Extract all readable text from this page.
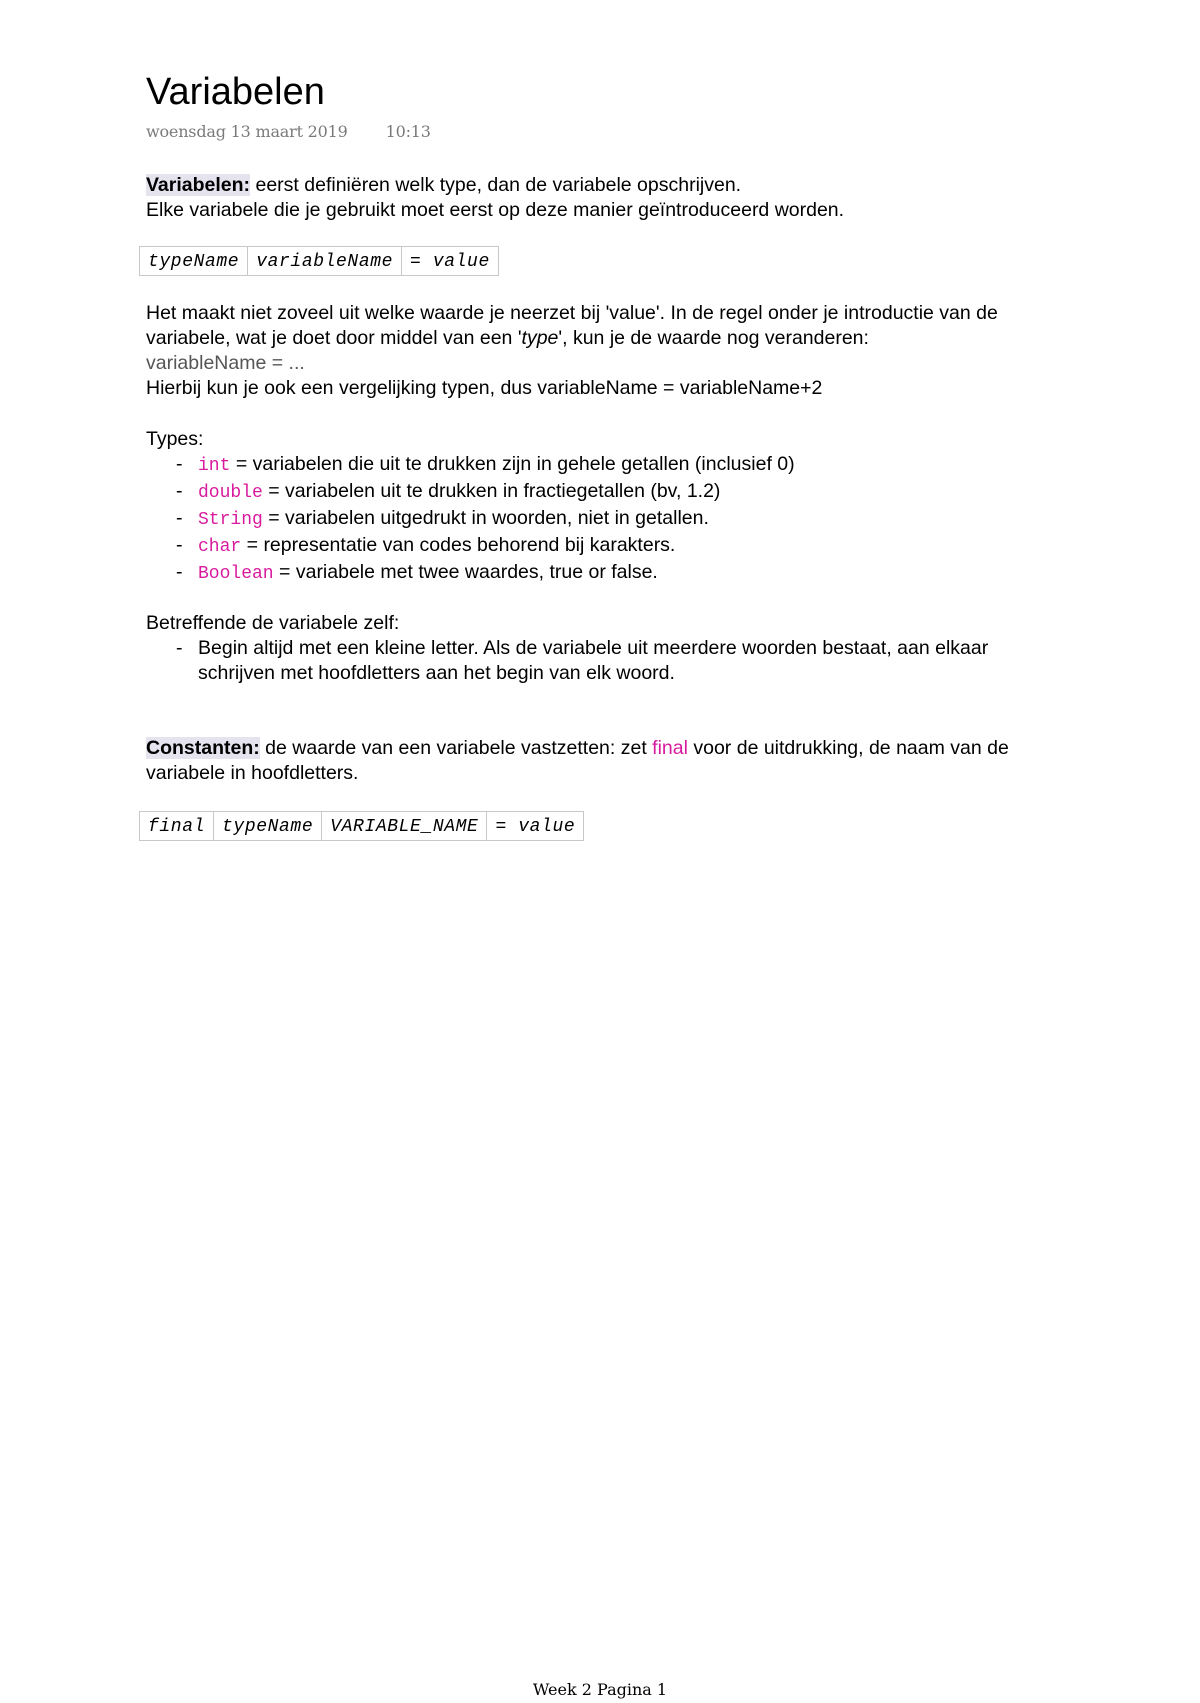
Variabelen
woensdag 13 maart 2019 10:13
Variabelen: eerst definiëren welk type, dan de variabele opschrijven.
Elke variabele die je gebruikt moet eerst op deze manier geïntroduceerd worden.
typeName	variableName	= value
Het maakt niet zoveel uit welke waarde je neerzet bij 'value'. In de regel onder je introductie van de variabele, wat je doet door middel van een 'type', kun je de waarde nog veranderen:
variableName = ...
Hierbij kun je ook een vergelijking typen, dus variableName = variableName+2
Types:
- int = variabelen die uit te drukken zijn in gehele getallen (inclusief 0)
- double = variabelen uit te drukken in fractiegetallen (bv, 1.2)
- String = variabelen uitgedrukt in woorden, niet in getallen.
- char = representatie van codes behorend bij karakters.
- Boolean = variabele met twee waardes, true or false.
Betreffende de variabele zelf:
- Begin altijd met een kleine letter. Als de variabele uit meerdere woorden bestaat, aan elkaar schrijven met hoofdletters aan het begin van elk woord.
Constanten: de waarde van een variabele vastzetten: zet final voor de uitdrukking, de naam van de variabele in hoofdletters.
final	typeName	VARIABLE_NAME	= value
Week 2 Pagina 1
